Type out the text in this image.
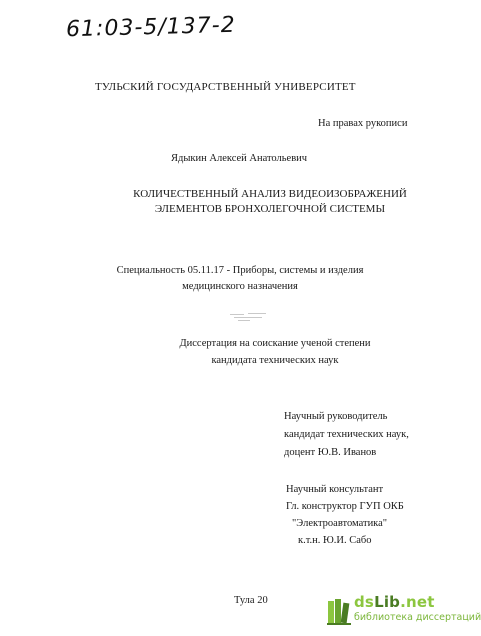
61:03-5/137-2
ТУЛЬСКИЙ ГОСУДАРСТВЕННЫЙ УНИВЕРСИТЕТ
На правах рукописи
Ядыкин Алексей Анатольевич
КОЛИЧЕСТВЕННЫЙ АНАЛИЗ ВИДЕОИЗОБРАЖЕНИЙ
ЭЛЕМЕНТОВ БРОНХОЛЕГОЧНОЙ СИСТЕМЫ
Специальность 05.11.17 - Приборы, системы и изделия
медицинского назначения
Диссертация на соискание ученой степени
кандидата технических наук
Научный руководитель
кандидат технических наук,
доцент Ю.В. Иванов
Научный консультант
Гл. конструктор ГУП ОКБ
"Электроавтоматика"
к.т.н. Ю.И. Сабо
Тула 20	dsLib.net
библиотека диссертаций
